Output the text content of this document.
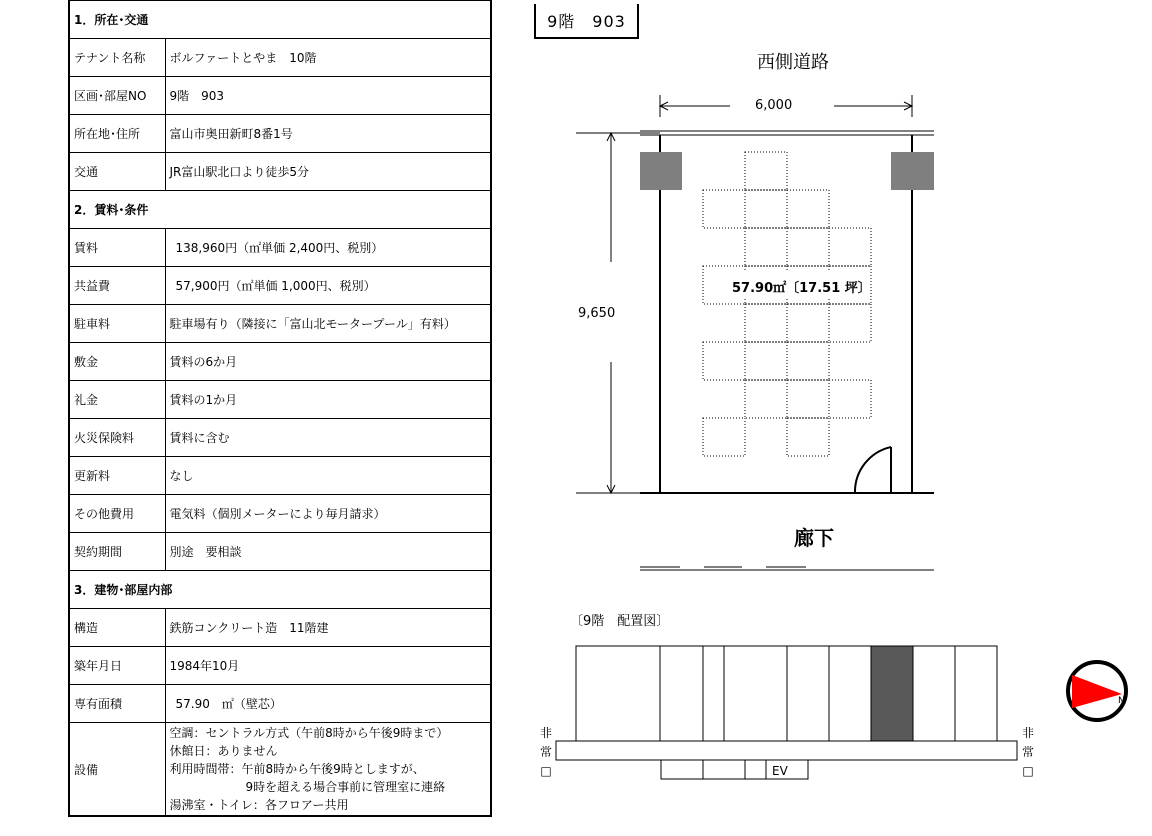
1．所在･交通	
テナント名称	ボルファートとやま　10階
区画･部屋NO	9階　903
所在地･住所	富山市奥田新町8番1号
交通	JR富山駅北口より徒歩5分
2．賃料･条件	
賃料	138,960円（㎡単価 2,400円、税別）
共益費	57,900円（㎡単価 1,000円、税別）
駐車料	駐車場有り（隣接に「富山北モータープール」有料）
敷金	賃料の6か月
礼金	賃料の1か月
火災保険料	賃料に含む
更新料	なし
その他費用	電気料（個別メーターにより毎月請求）
契約期間	別途　要相談
3．建物･部屋内部	
構造	鉄筋コンクリート造　11階建
築年月日	1984年10月
専有面積	57.90　㎡（壁芯）
設備	空調：セントラル方式（午前8時から午後9時まで）
休館日：ありません
利用時間帯：午前8時から午後9時としますが、
9時を超える場合事前に管理室に連絡
湯沸室・トイレ：各フロアー共用
N
9階　903
西側道路
6,000
9,650
57.90㎡〔17.51 坪〕
廊下
〔9階　配置図〕
EV
非
常
□
非
常
□
